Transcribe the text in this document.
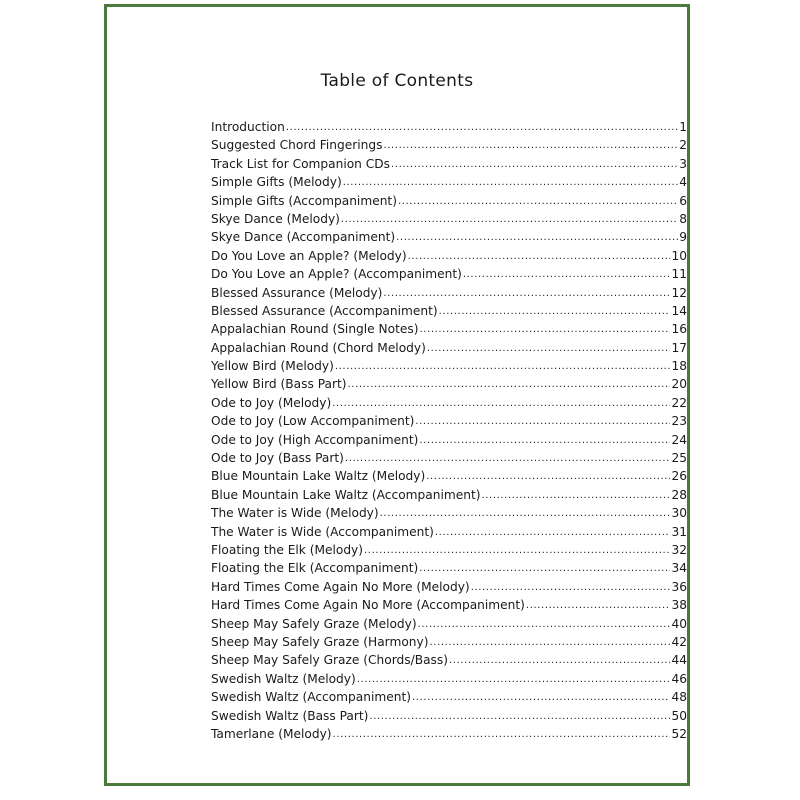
Table of Contents
Introduction .....	1
Suggested Chord Fingerings .....	2
Track List for Companion CDs .....	3
Simple Gifts (Melody) .....	4
Simple Gifts (Accompaniment) .....	6
Skye Dance (Melody) .....	8
Skye Dance (Accompaniment) .....	9
Do You Love an Apple? (Melody) .....	10
Do You Love an Apple? (Accompaniment) .....	11
Blessed Assurance (Melody) .....	12
Blessed Assurance (Accompaniment) .....	14
Appalachian Round (Single Notes) .....	16
Appalachian Round (Chord Melody) .....	17
Yellow Bird (Melody) .....	18
Yellow Bird (Bass Part) .....	20
Ode to Joy (Melody) .....	22
Ode to Joy (Low Accompaniment) .....	23
Ode to Joy (High Accompaniment) .....	24
Ode to Joy (Bass Part) .....	25
Blue Mountain Lake Waltz (Melody) .....	26
Blue Mountain Lake Waltz (Accompaniment) .....	28
The Water is Wide (Melody) .....	30
The Water is Wide (Accompaniment) .....	31
Floating the Elk (Melody) .....	32
Floating the Elk (Accompaniment) .....	34
Hard Times Come Again No More (Melody) .....	36
Hard Times Come Again No More (Accompaniment) .....	38
Sheep May Safely Graze (Melody) .....	40
Sheep May Safely Graze (Harmony) .....	42
Sheep May Safely Graze (Chords/Bass) .....	44
Swedish Waltz (Melody) .....	46
Swedish Waltz (Accompaniment) .....	48
Swedish Waltz (Bass Part) .....	50
Tamerlane (Melody) .....	52
